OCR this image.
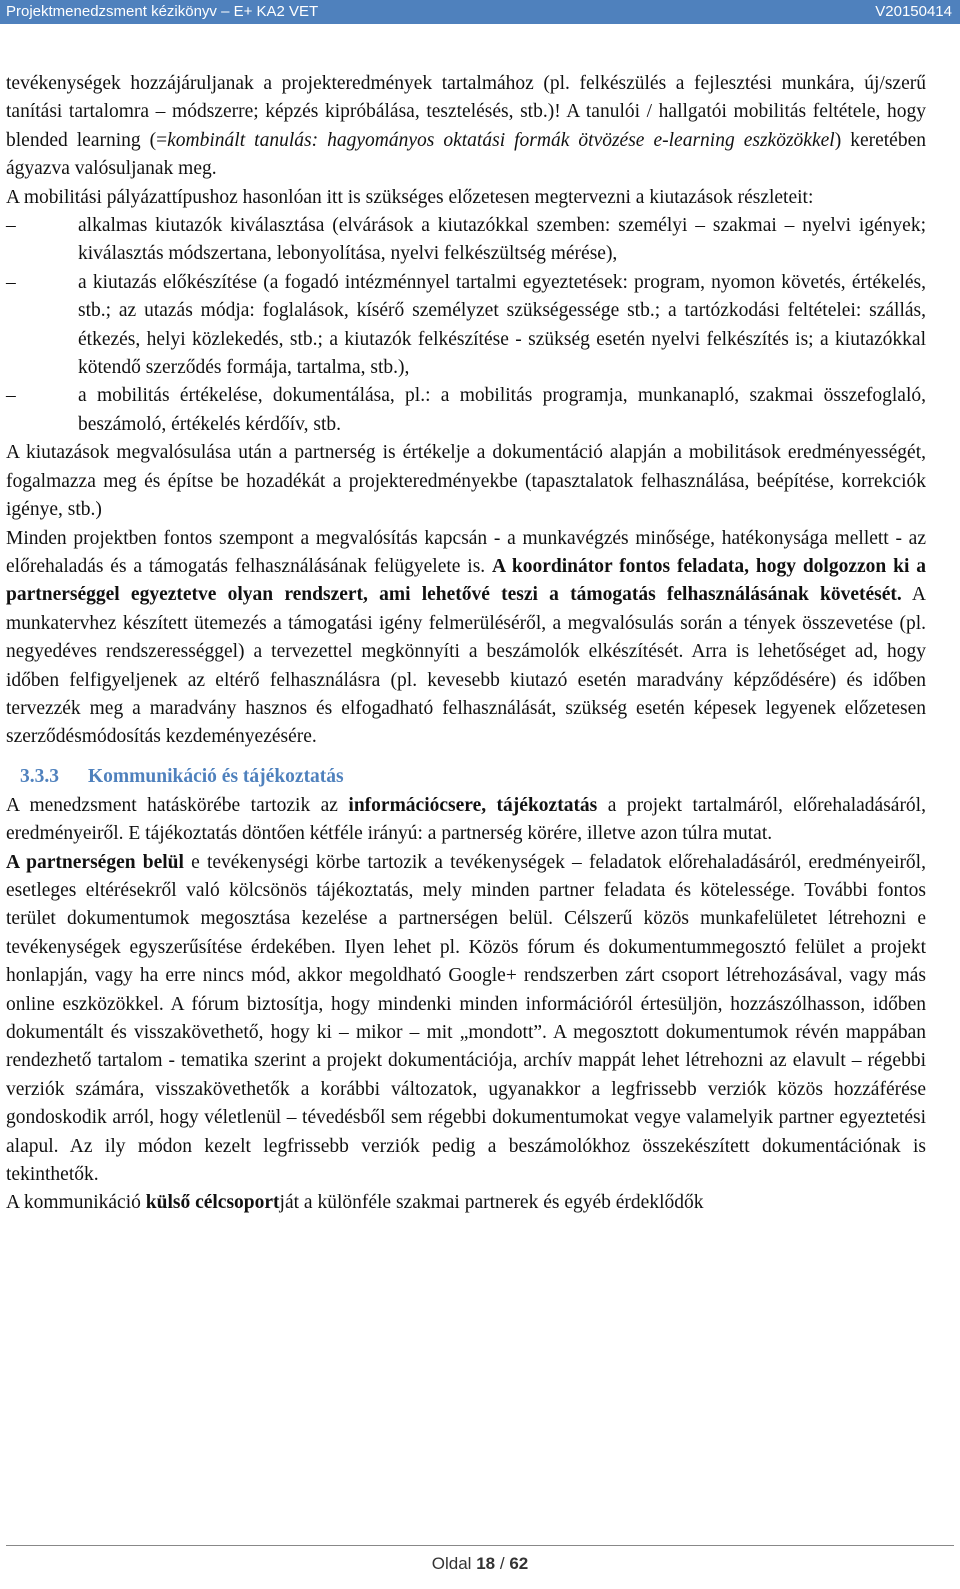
Projektmenedzsment kézikönyv – E+ KA2 VET	V20150414

tevékenységek hozzájáruljanak a projekteredmények tartalmához (pl. felkészülés a fejlesztési munkára, új/szerű tanítási tartalomra – módszerre; képzés kipróbálása, tesztelésés, stb.)! A tanulói / hallgatói mobilitás feltétele, hogy blended learning (=kombinált tanulás: hagyományos oktatási formák ötvözése e-learning eszközökkel) keretében ágyazva valósuljanak meg.

A mobilitási pályázattípushoz hasonlóan itt is szükséges előzetesen megtervezni a kiutazások részleteit:

–	alkalmas kiutazók kiválasztása (elvárások a kiutazókkal szemben: személyi – szakmai – nyelvi igények; kiválasztás módszertana, lebonyolítása, nyelvi felkészültség mérése),
–	a kiutazás előkészítése (a fogadó intézménnyel tartalmi egyeztetések: program, nyomon követés, értékelés, stb.; az utazás módja: foglalások, kísérő személyzet szükségessége stb.; a tartózkodási feltételei: szállás, étkezés, helyi közlekedés, stb.; a kiutazók felkészítése - szükség esetén nyelvi felkészítés is; a kiutazókkal kötendő szerződés formája, tartalma, stb.),
–	a mobilitás értékelése, dokumentálása, pl.: a mobilitás programja, munkanapló, szakmai összefoglaló, beszámoló, értékelés kérdőív, stb.

A kiutazások megvalósulása után a partnerség is értékelje a dokumentáció alapján a mobilitások eredményességét, fogalmazza meg és építse be hozadékát a projekteredményekbe (tapasztalatok felhasználása, beépítése, korrekciók igénye, stb.)

Minden projektben fontos szempont a megvalósítás kapcsán - a munkavégzés minősége, hatékonysága mellett - az előrehaladás és a támogatás felhasználásának felügyelete is. A koordinátor fontos feladata, hogy dolgozzon ki a partnerséggel egyeztetve olyan rendszert, ami lehetővé teszi a támogatás felhasználásának követését. A munkatervhez készített ütemezés a támogatási igény felmerüléséről, a megvalósulás során a tények összevetése (pl. negyedéves rendszerességgel) a tervezettel megkönnyíti a beszámolók elkészítését. Arra is lehetőséget ad, hogy időben felfigyeljenek az eltérő felhasználásra (pl. kevesebb kiutazó esetén maradvány képződésére) és időben tervezzék meg a maradvány hasznos és elfogadható felhasználását, szükség esetén képesek legyenek előzetesen szerződésmódosítás kezdeményezésére.

3.3.3 Kommunikáció és tájékoztatás

A menedzsment hatáskörébe tartozik az információcsere, tájékoztatás a projekt tartalmáról, előrehaladásáról, eredményeiről. E tájékoztatás döntően kétféle irányú: a partnerség körére, illetve azon túlra mutat.

A partnerségen belül e tevékenységi körbe tartozik a tevékenységek – feladatok előrehaladásáról, eredményeiről, esetleges eltérésekről való kölcsönös tájékoztatás, mely minden partner feladata és kötelessége. További fontos terület dokumentumok megosztása kezelése a partnerségen belül. Célszerű közös munkafelületet létrehozni e tevékenységek egyszerűsítése érdekében. Ilyen lehet pl. Közös fórum és dokumentummegosztó felület a projekt honlapján, vagy ha erre nincs mód, akkor megoldható Google+ rendszerben zárt csoport létrehozásával, vagy más online eszközökkel. A fórum biztosítja, hogy mindenki minden információról értesüljön, hozzászólhasson, időben dokumentált és visszakövethető, hogy ki – mikor – mit „mondott”. A megosztott dokumentumok révén mappában rendezhető tartalom - tematika szerint a projekt dokumentációja, archív mappát lehet létrehozni az elavult – régebbi verziók számára, visszakövethetők a korábbi változatok, ugyanakkor a legfrissebb verziók közös hozzáférése gondoskodik arról, hogy véletlenül – tévedésből sem régebbi dokumentumokat vegye valamelyik partner egyeztetési alapul. Az ily módon kezelt legfrissebb verziók pedig a beszámolókhoz összekészített dokumentációnak is tekinthetők.

A kommunikáció külső célcsoportját a különféle szakmai partnerek és egyéb érdeklődők

Oldal 18 / 62
